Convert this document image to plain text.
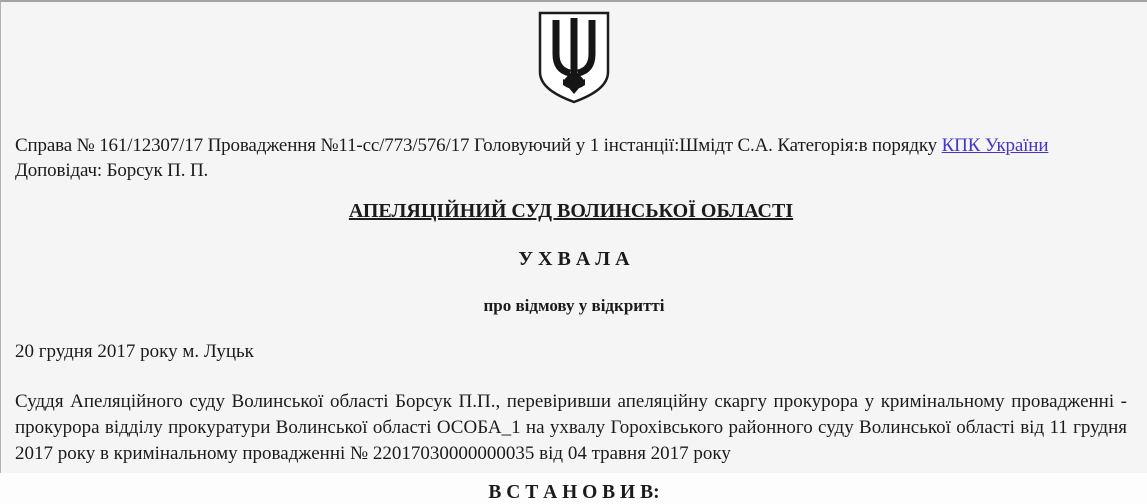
Справа № 161/12307/17 Провадження №11-сс/773/576/17 Головуючий у 1 інстанції:Шмідт С.А. Категорія:в порядку КПК України
Доповідач: Борсук П. П.

АПЕЛЯЦІЙНИЙ СУД ВОЛИНСЬКОЇ ОБЛАСТІ

У Х В А Л А

про відмову у відкритті

20 грудня 2017 року м. Луцьк

Суддя Апеляційного суду Волинської області Борсук П.П., перевіривши апеляційну скаргу прокурора у кримінальному провадженні - прокурора відділу прокуратури Волинської області ОСОБА_1 на ухвалу Горохівського районного суду Волинської області від 11 грудня 2017 року в кримінальному провадженні № 22017030000000035 від 04 травня 2017 року

В С Т А Н О В И В:
